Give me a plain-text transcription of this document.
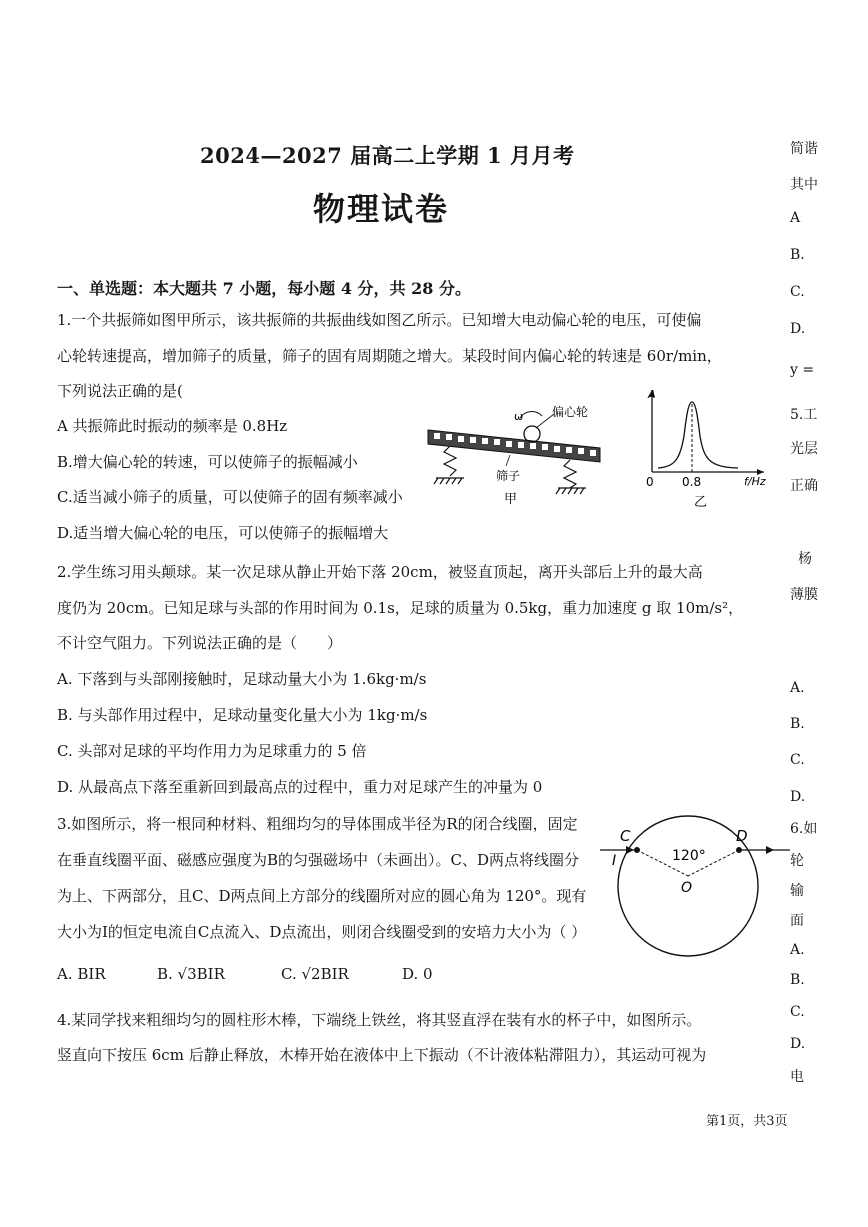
2024—2027 届高二上学期 1 月月考
物理试卷
一、单选题：本大题共 7 小题，每小题 4 分，共 28 分。
1.一个共振筛如图甲所示，该共振筛的共振曲线如图乙所示。已知增大电动偏心轮的电压，可使偏
心轮转速提高，增加筛子的质量，筛子的固有周期随之增大。某段时间内偏心轮的转速是 60r/min，
下列说法正确的是(
A 共振筛此时振动的频率是 0.8Hz
B.增大偏心轮的转速，可以使筛子的振幅减小
C.适当减小筛子的质量，可以使筛子的固有频率减小
D.适当增大偏心轮的电压，可以使筛子的振幅增大
ω 偏心轮
筛子
甲
A
0 0.8	f/Hz
乙
2.学生练习用头颠球。某一次足球从静止开始下落 20cm，被竖直顶起，离开头部后上升的最大高
度仍为 20cm。已知足球与头部的作用时间为 0.1s，足球的质量为 0.5kg，重力加速度 g 取 10m/s²，
不计空气阻力。下列说法正确的是（　　）
A. 下落到与头部刚接触时，足球动量大小为 1.6kg·m/s
B. 与头部作用过程中，足球动量变化量大小为 1kg·m/s
C. 头部对足球的平均作用力为足球重力的 5 倍
D. 从最高点下落至重新回到最高点的过程中，重力对足球产生的冲量为 0
3.如图所示，将一根同种材料、粗细均匀的导体围成半径为R的闭合线圈，固定
在垂直线圈平面、磁感应强度为B的匀强磁场中（未画出）。C、D两点将线圈分
为上、下两部分，且C、D两点间上方部分的线圈所对应的圆心角为 120°。现有
大小为I的恒定电流自C点流入、D点流出，则闭合线圈受到的安培力大小为（ ）
A. BIR	B. √3BIR	C. √2BIR	D. 0
C	D
I	120°
O
4.某同学找来粗细均匀的圆柱形木棒，下端绕上铁丝，将其竖直浮在装有水的杯子中，如图所示。
竖直向下按压 6cm 后静止释放，木棒开始在液体中上下振动（不计液体粘滞阻力），其运动可视为
简谐
其中
A
B.
C.
D.
y =
5.工
光层
正确
杨
薄膜
A.
B.
C.
D.
6.如
轮
输
面
A.
B.
C.
D.
电
第1页，共3页
